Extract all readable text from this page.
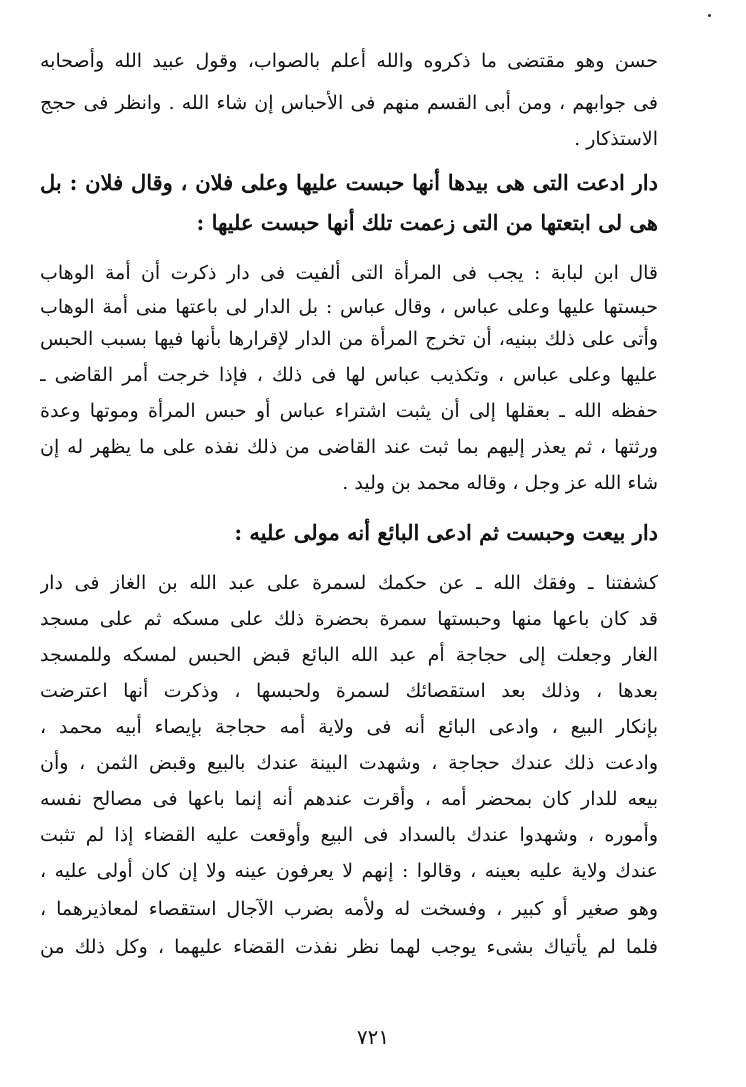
حسن وهو مقتضى ما ذكروه والله أعلم بالصواب، وقول عبيد الله وأصحابه
فى جوابهم ، ومن أبى القسم منهم فى الأحباس إن شاء الله . وانظر فى حجج
الاستذكار .
دار ادعت التى هى بيدها أنها حبست عليها وعلى فلان ، وقال فلان : بل
هى لى ابتعتها من التى زعمت تلك أنها حبست عليها :
قال ابن لبابة : يجب فى المرأة التى ألفيت فى دار ذكرت أن أمة الوهاب
حبستها عليها وعلى عباس ، وقال عباس : بل الدار لى باعتها منى أمة الوهاب
وأتى على ذلك ببنيه، أن تخرج المرأة من الدار لإقرارها بأنها فيها بسبب الحبس
عليها وعلى عباس ، وتكذيب عباس لها فى ذلك ، فإذا خرجت أمر القاضى ـ
حفظه الله ـ بعقلها إلى أن يثبت اشتراء عباس أو حبس المرأة وموتها وعدة
ورثتها ، ثم يعذر إليهم بما ثبت عند القاضى من ذلك نفذه على ما يظهر له إن
شاء الله عز وجل ، وقاله محمد بن وليد .
دار بيعت وحبست ثم ادعى البائع أنه مولى عليه :
كشفتنا ـ وفقك الله ـ عن حكمك لسمرة على عبد الله بن الغاز فى دار
قد كان باعها منها وحبستها سمرة بحضرة ذلك على مسكه ثم على مسجد
الغار وجعلت إلى حجاجة أم عبد الله البائع قبض الحبس لمسكه وللمسجد
بعدها ، وذلك بعد استقصائك لسمرة ولحبسها ، وذكرت أنها اعترضت
بإنكار البيع ، وادعى البائع أنه فى ولاية أمه حجاجة بإيصاء أبيه محمد ،
وادعت ذلك عندك حجاجة ، وشهدت البينة عندك بالبيع وقبض الثمن ، وأن
بيعه للدار كان بمحضر أمه ، وأقرت عندهم أنه إنما باعها فى مصالح نفسه
وأموره ، وشهدوا عندك بالسداد فى البيع وأوقعت عليه القضاء إذا لم تثبت
عندك ولاية عليه بعينه ، وقالوا : إنهم لا يعرفون عينه ولا إن كان أولى عليه ،
وهو صغير أو كبير ، وفسخت له ولأمه بضرب الآجال استقصاء لمعاذيرهما ،
فلما لم يأتياك بشىء يوجب لهما نظر نفذت القضاء عليهما ، وكل ذلك من
٧٢١
